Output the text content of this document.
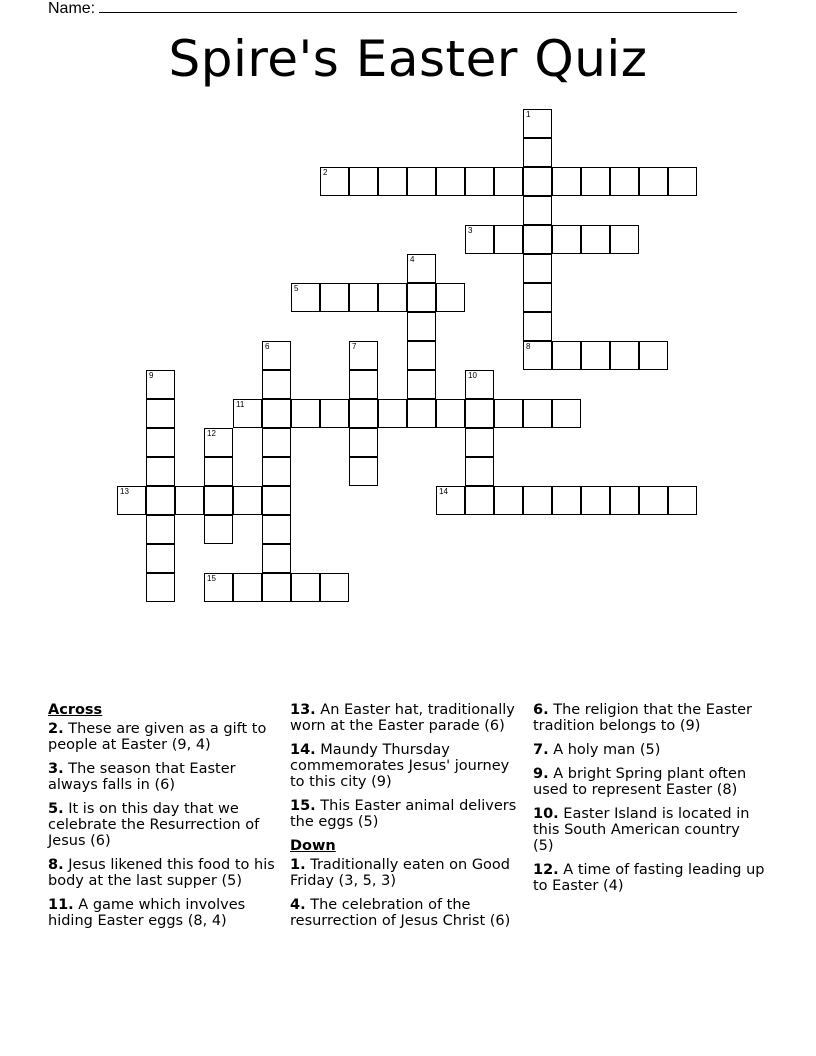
Name:
Spire's Easter Quiz
1
8
2
3
4
5
6	7
9	10
11
12
13	14
15
Across
2. These are given as a gift to people at Easter (9, 4)
3. The season that Easter always falls in (6)
5. It is on this day that we celebrate the Resurrection of Jesus (6)
8. Jesus likened this food to his body at the last supper (5)
11. A game which involves hiding Easter eggs (8, 4)
13. An Easter hat, traditionally worn at the Easter parade (6)
14. Maundy Thursday commemorates Jesus' journey to this city (9)
15. This Easter animal delivers the eggs (5)
Down
1. Traditionally eaten on Good Friday (3, 5, 3)
4. The celebration of the resurrection of Jesus Christ (6)
6. The religion that the Easter tradition belongs to (9)
7. A holy man (5)
9. A bright Spring plant often used to represent Easter (8)
10. Easter Island is located in this South American country (5)
12. A time of fasting leading up to Easter (4)
